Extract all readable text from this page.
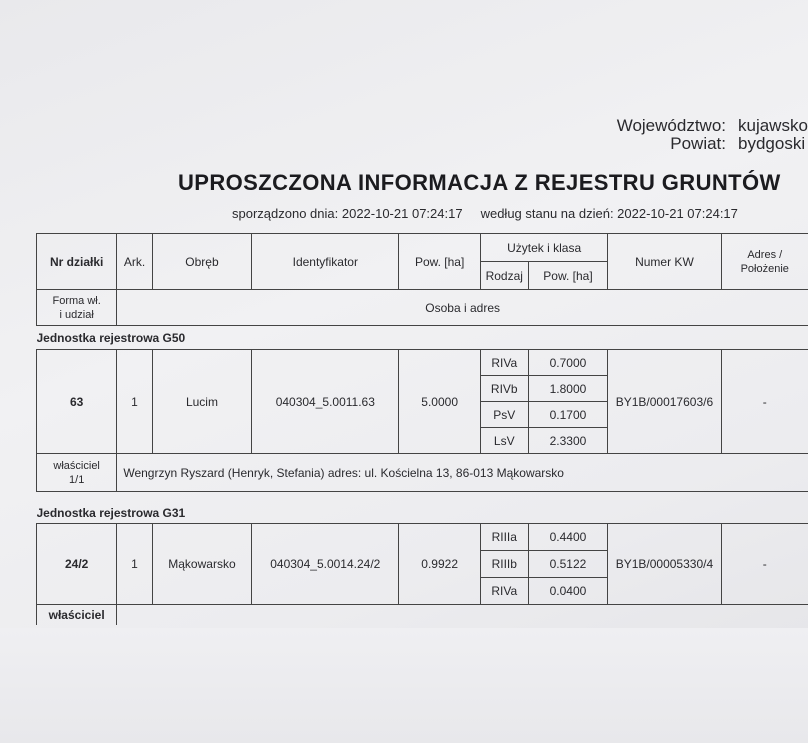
Województwo: kujawsko
Powiat: bydgoski
UPROSZCZONA INFORMACJA Z REJESTRU GRUNTÓW
sporządzono dnia: 2022-10-21 07:24:17 według stanu na dzień: 2022-10-21 07:24:17
Nr działki	Ark.	Obręb	Identyfikator	Pow. [ha]	Użytek i klasa		Numer KW	Adres /
Położenie

					Rodzaj	Pow. [ha]		

Forma wł.
i udział	Osoba i adres							
Jednostka rejestrowa G50								
63	1	Lucim	040304_5.0011.63	5.0000	RIVa	0.7000	BY1B/00017603/6	-
					RIVb	1.8000		
					PsV	0.1700		
					LsV	2.3300		

właściciel
1/1	Wengrzyn Ryszard (Henryk, Stefania) adres: ul. Kościelna 13, 86-013 Mąkowarsko							
Jednostka rejestrowa G31								
24/2	1	Mąkowarsko	040304_5.0014.24/2	0.9922	RIIIa	0.4400	BY1B/00005330/4	-
					RIIIb	0.5122		
					RIVa	0.0400		
właściciel								
